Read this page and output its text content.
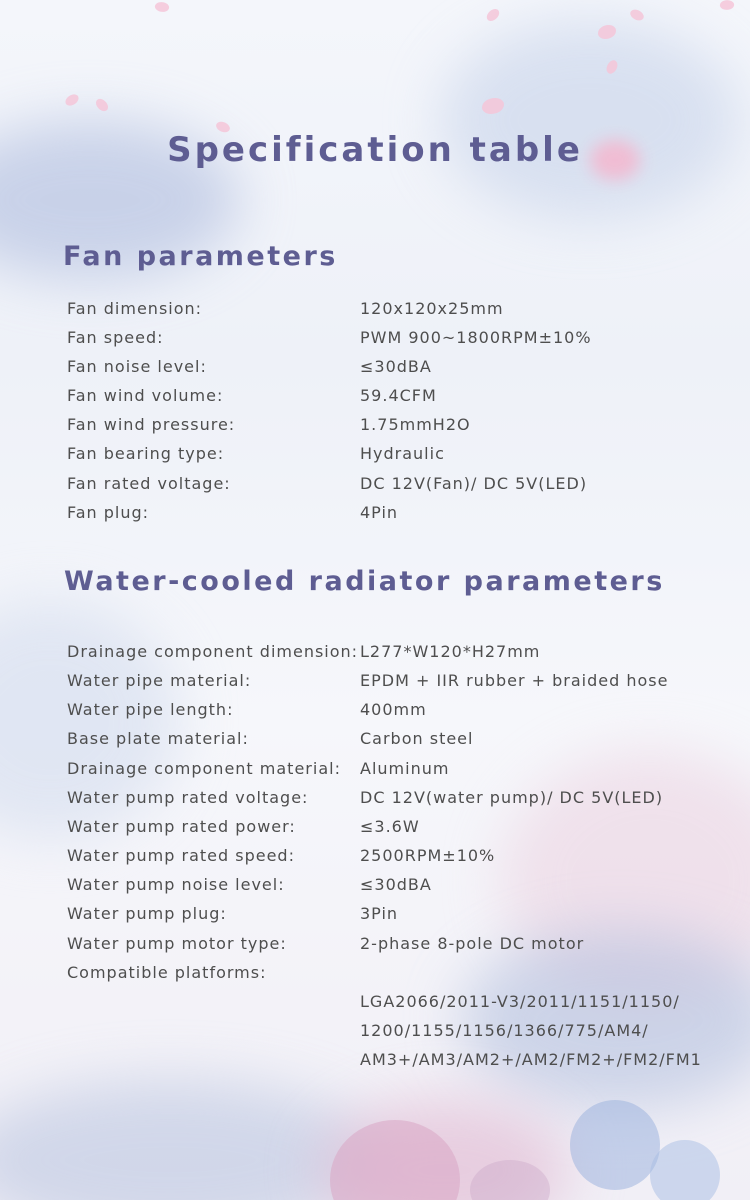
Specification table
Fan parameters
Fan dimension:	120x120x25mm
Fan speed:	PWM 900~1800RPM±10%
Fan noise level:	≤30dBA
Fan wind volume:	59.4CFM
Fan wind pressure:	1.75mmH2O
Fan bearing type:	Hydraulic
Fan rated voltage:	DC 12V(Fan)/ DC 5V(LED)
Fan plug:	4Pin
Water-cooled radiator parameters
Drainage component dimension: L277*W120*H27mm
Water pipe material:	EPDM + IIR rubber + braided hose
Water pipe length:	400mm
Base plate material:	Carbon steel
Drainage component material: Aluminum
Water pump rated voltage:	DC 12V(water pump)/ DC 5V(LED)
Water pump rated power:	≤3.6W
Water pump rated speed:	2500RPM±10%
Water pump noise level:	≤30dBA
Water pump plug:	3Pin
Water pump motor type:	2-phase 8-pole DC motor
Compatible platforms:
LGA2066/2011-V3/2011/1151/1150/
1200/1155/1156/1366/775/AM4/
AM3+/AM3/AM2+/AM2/FM2+/FM2/FM1
